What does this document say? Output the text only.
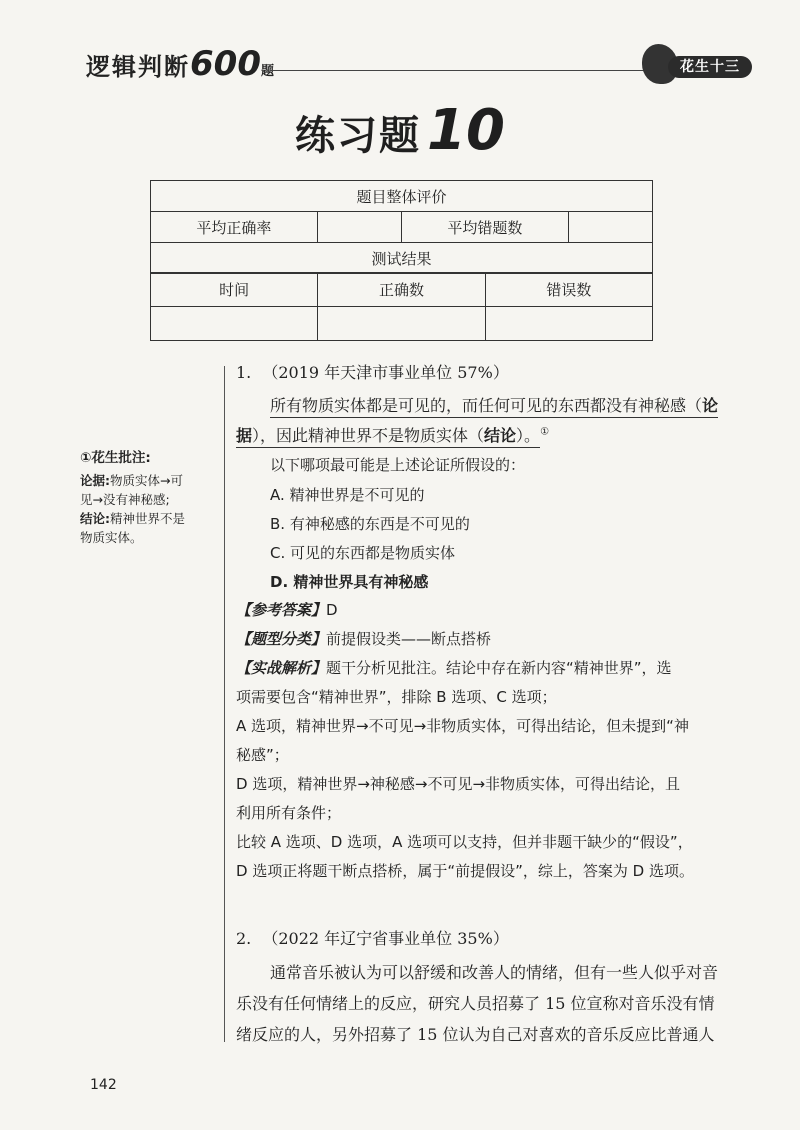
逻辑判断600题	花生十三
练习题 10
题目整体评价
平均正确率		平均错题数	
测试结果
时间	正确数	错误数

①花生批注:
论据:物质实体→可
见→没有神秘感;
结论:精神世界不是
物质实体。
1. （2019 年天津市事业单位 57%）
所有物质实体都是可见的，而任何可见的东西都没有神秘感（论
据），因此精神世界不是物质实体（结论）。①
以下哪项最可能是上述论证所假设的：
A. 精神世界是不可见的
B. 有神秘感的东西是不可见的
C. 可见的东西都是物质实体
D. 精神世界具有神秘感
【参考答案】D
【题型分类】前提假设类——断点搭桥
【实战解析】题干分析见批注。结论中存在新内容“精神世界”，选
项需要包含“精神世界”，排除 B 选项、C 选项；
A 选项，精神世界→不可见→非物质实体，可得出结论，但未提到“神
秘感”；
D 选项，精神世界→神秘感→不可见→非物质实体，可得出结论，且
利用所有条件；
比较 A 选项、D 选项，A 选项可以支持，但并非题干缺少的“假设”，
D 选项正将题干断点搭桥，属于“前提假设”，综上，答案为 D 选项。
2. （2022 年辽宁省事业单位 35%）
通常音乐被认为可以舒缓和改善人的情绪，但有一些人似乎对音
乐没有任何情绪上的反应，研究人员招募了 15 位宣称对音乐没有情
绪反应的人，另外招募了 15 位认为自己对喜欢的音乐反应比普通人
142
